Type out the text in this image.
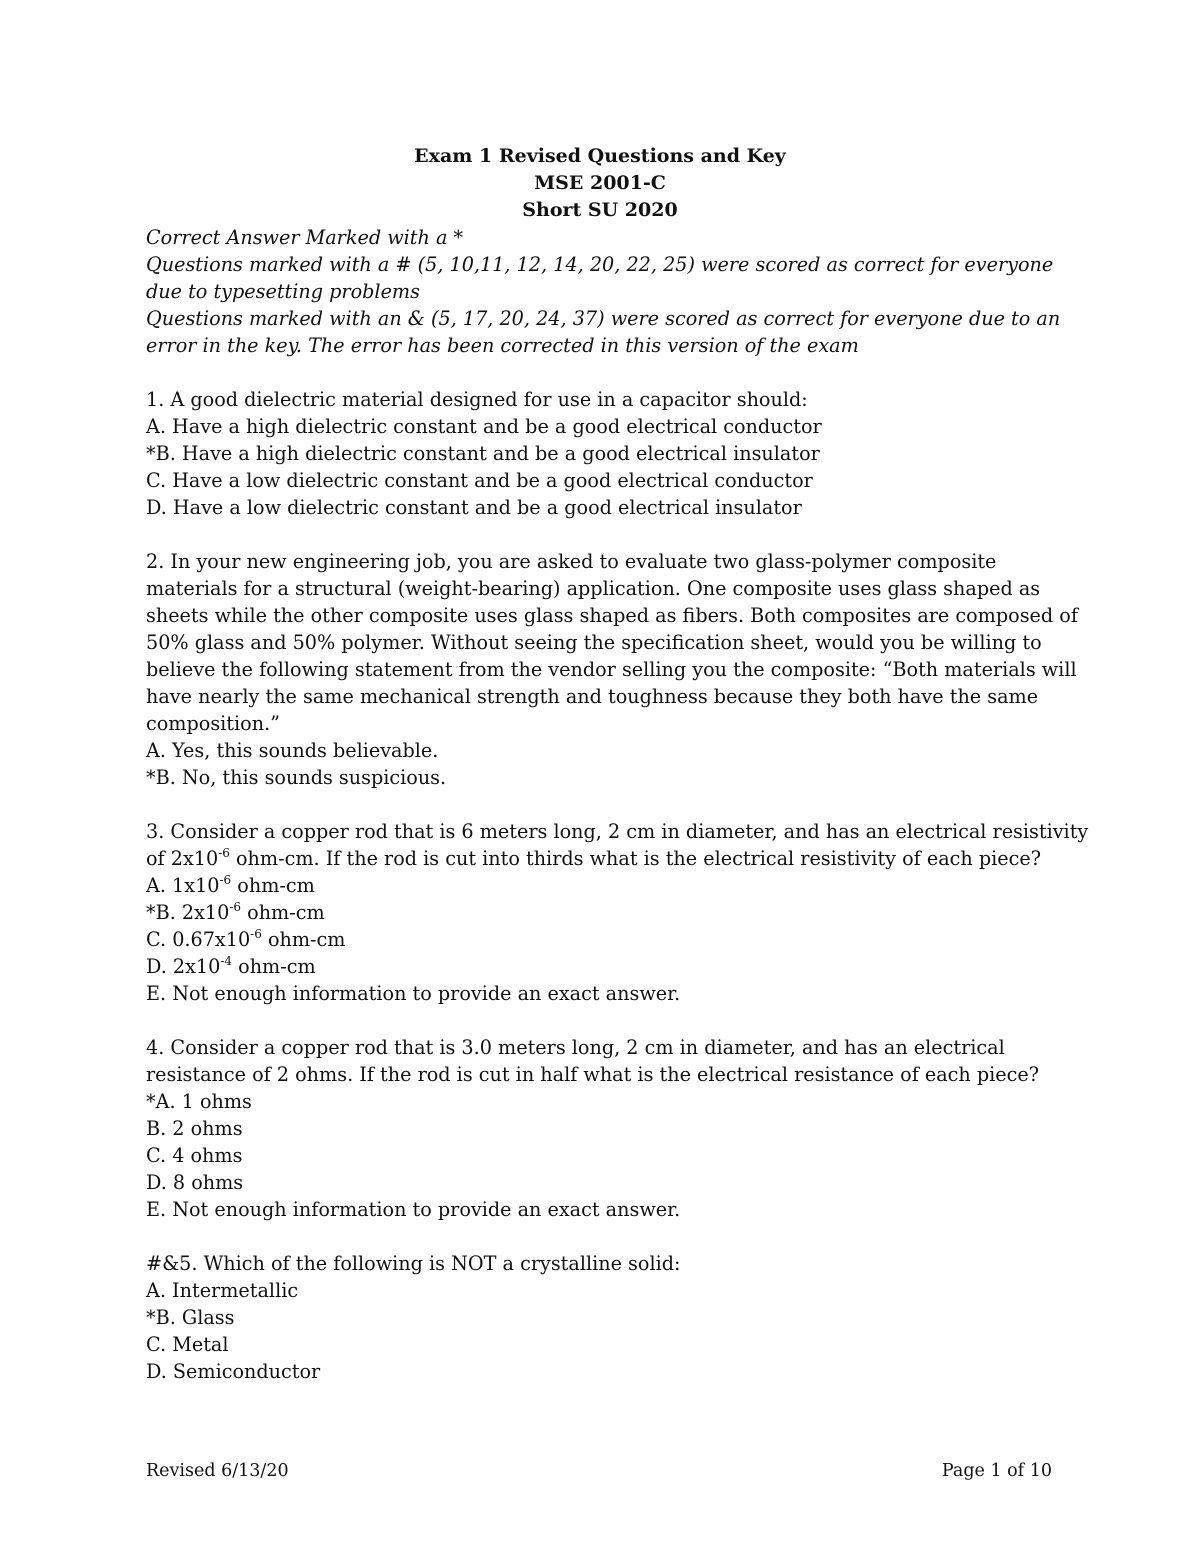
Exam 1 Revised Questions and Key
MSE 2001-C
Short SU 2020
Correct Answer Marked with a *
Questions marked with a # (5, 10,11, 12, 14, 20, 22, 25) were scored as correct for everyone
due to typesetting problems
Questions marked with an & (5, 17, 20, 24, 37) were scored as correct for everyone due to an
error in the key. The error has been corrected in this version of the exam
1. A good dielectric material designed for use in a capacitor should:
A. Have a high dielectric constant and be a good electrical conductor
*B. Have a high dielectric constant and be a good electrical insulator
C. Have a low dielectric constant and be a good electrical conductor
D. Have a low dielectric constant and be a good electrical insulator
2. In your new engineering job, you are asked to evaluate two glass-polymer composite
materials for a structural (weight-bearing) application. One composite uses glass shaped as
sheets while the other composite uses glass shaped as fibers. Both composites are composed of
50% glass and 50% polymer. Without seeing the specification sheet, would you be willing to
believe the following statement from the vendor selling you the composite: “Both materials will
have nearly the same mechanical strength and toughness because they both have the same
composition.”
A. Yes, this sounds believable.
*B. No, this sounds suspicious.
3. Consider a copper rod that is 6 meters long, 2 cm in diameter, and has an electrical resistivity
of $2x10^{-6}$ ohm-cm. If the rod is cut into thirds what is the electrical resistivity of each piece?
A. $1x10^{-6}$ ohm-cm
*B. $2x10^{-6}$ ohm-cm
C. $0.67x10^{-6}$ ohm-cm
D. $2x10^{-4}$ ohm-cm
E. Not enough information to provide an exact answer.
4. Consider a copper rod that is 3.0 meters long, 2 cm in diameter, and has an electrical
resistance of 2 ohms. If the rod is cut in half what is the electrical resistance of each piece?
*A. 1 ohms
B. 2 ohms
C. 4 ohms
D. 8 ohms
E. Not enough information to provide an exact answer.
#&5. Which of the following is NOT a crystalline solid:
A. Intermetallic
*B. Glass
C. Metal
D. Semiconductor
Revised 6/13/20	Page 1 of 10
